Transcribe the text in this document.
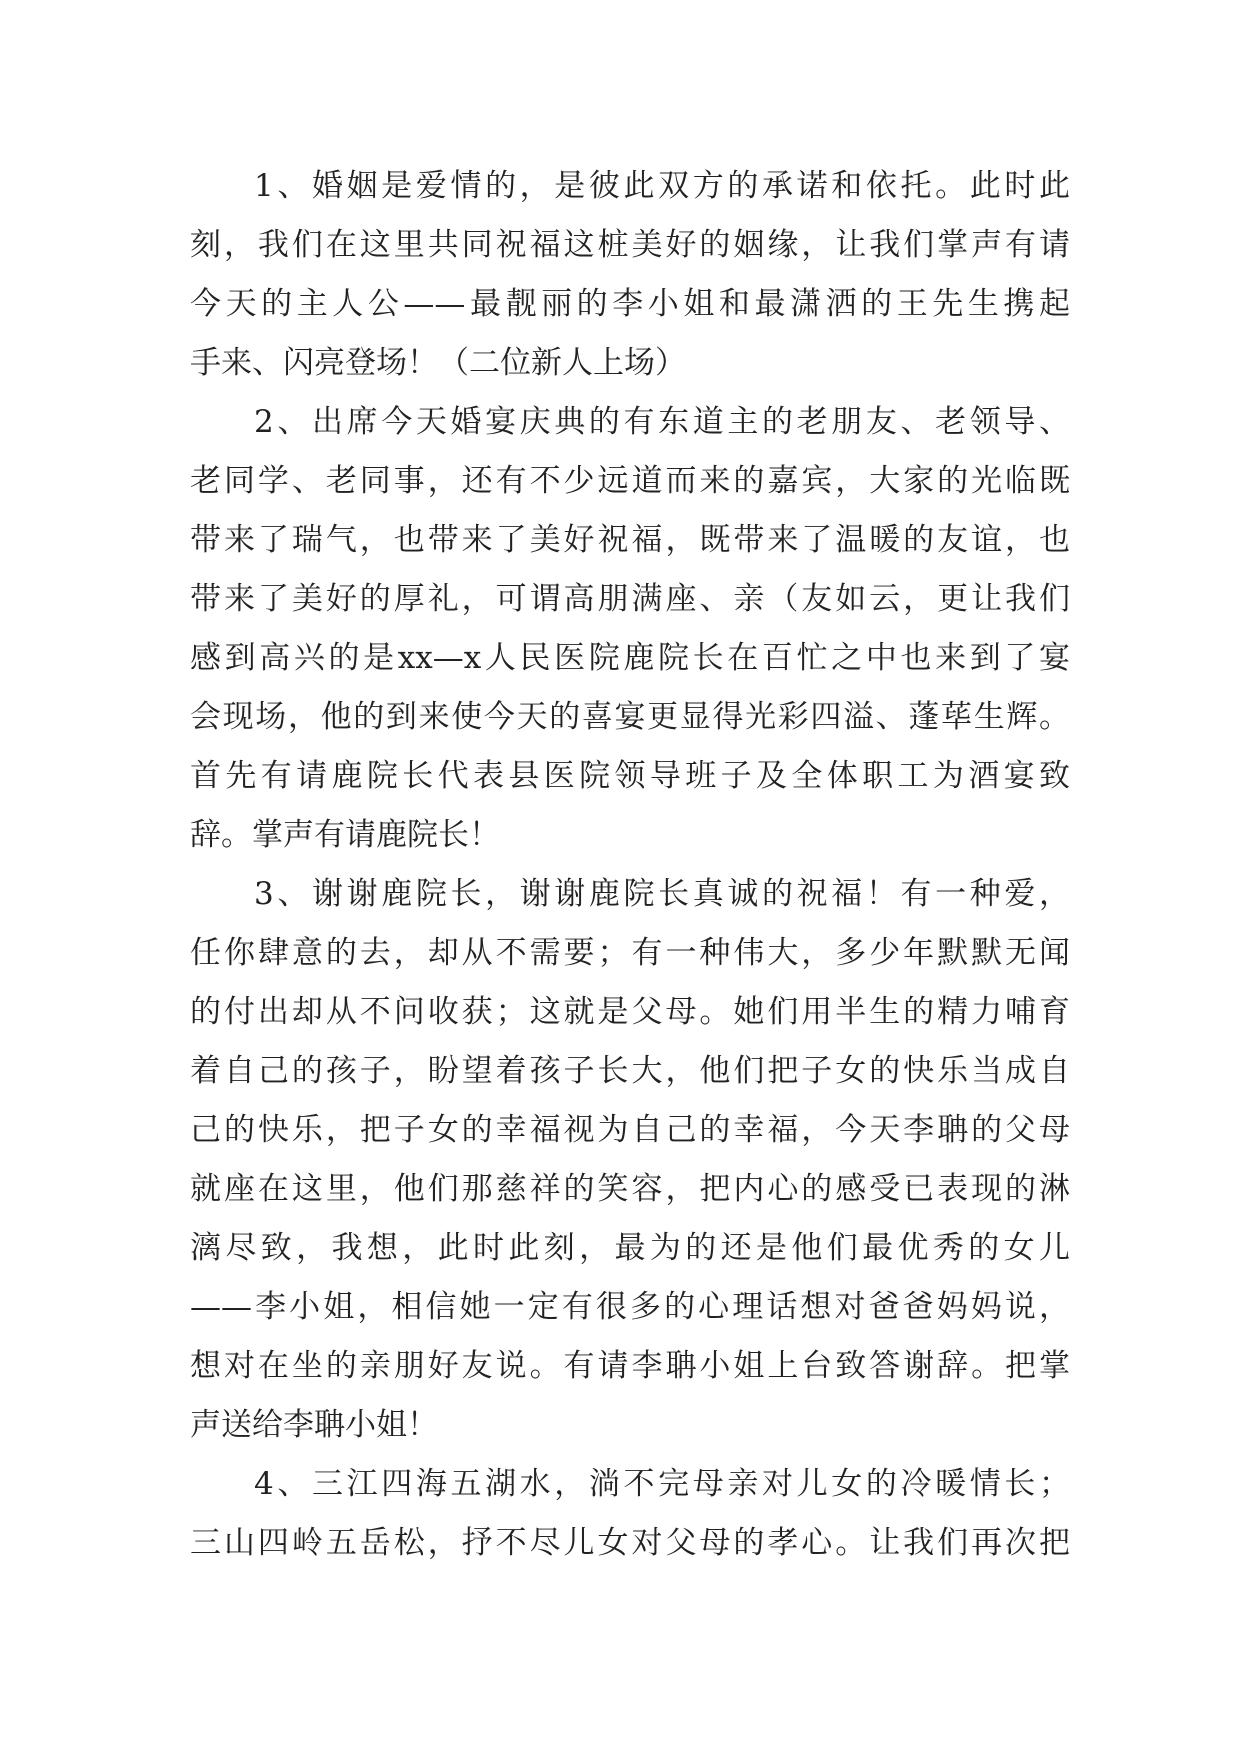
1、婚姻是爱情的，是彼此双方的承诺和依托。此时此
刻，我们在这里共同祝福这桩美好的姻缘，让我们掌声有请
今天的主人公——最靓丽的李小姐和最潇洒的王先生携起
手来、闪亮登场！（二位新人上场）
2、出席今天婚宴庆典的有东道主的老朋友、老领导、
老同学、老同事，还有不少远道而来的嘉宾，大家的光临既
带来了瑞气，也带来了美好祝福，既带来了温暖的友谊，也
带来了美好的厚礼，可谓高朋满座、亲（友如云，更让我们
感到高兴的是xx—x人民医院鹿院长在百忙之中也来到了宴
会现场，他的到来使今天的喜宴更显得光彩四溢、蓬荜生辉。
首先有请鹿院长代表县医院领导班子及全体职工为酒宴致
辞。掌声有请鹿院长！
3、谢谢鹿院长，谢谢鹿院长真诚的祝福！有一种爱，
任你肆意的去，却从不需要；有一种伟大，多少年默默无闻
的付出却从不问收获；这就是父母。她们用半生的精力哺育
着自己的孩子，盼望着孩子长大，他们把子女的快乐当成自
己的快乐，把子女的幸福视为自己的幸福，今天李聃的父母
就座在这里，他们那慈祥的笑容，把内心的感受已表现的淋
漓尽致，我想，此时此刻，最为的还是他们最优秀的女儿
——李小姐，相信她一定有很多的心理话想对爸爸妈妈说，
想对在坐的亲朋好友说。有请李聃小姐上台致答谢辞。把掌
声送给李聃小姐！
4、三江四海五湖水，淌不完母亲对儿女的冷暖情长；
三山四岭五岳松，抒不尽儿女对父母的孝心。让我们再次把
